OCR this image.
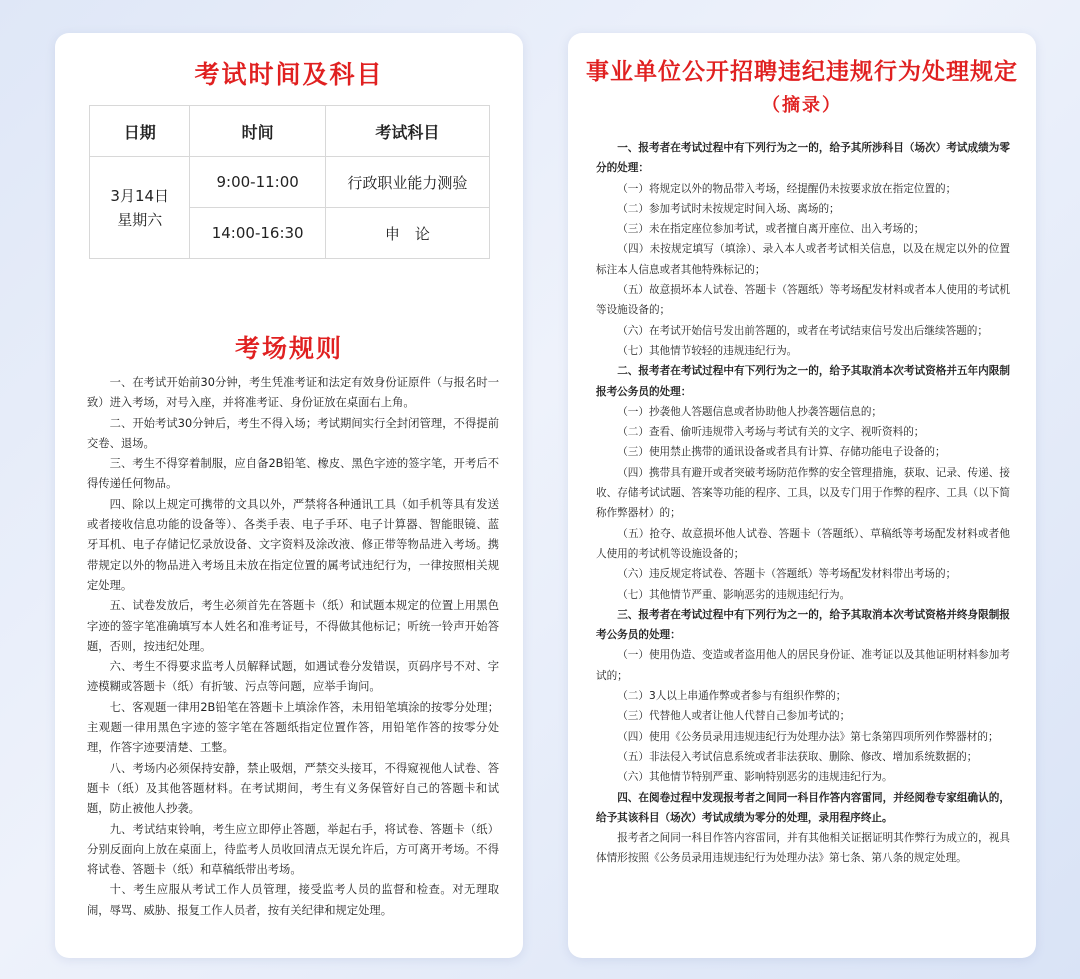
考试时间及科目
日期	时间	考试科目
3月14日
星期六	9:00-11:00	行政职业能力测验
	14:00-16:30	申　论
考场规则

一、在考试开始前30分钟，考生凭准考证和法定有效身份证原件（与报名时一致）进入考场，对号入座，并将准考证、身份证放在桌面右上角。

二、开始考试30分钟后，考生不得入场；考试期间实行全封闭管理，不得提前交卷、退场。

三、考生不得穿着制服，应自备2B铅笔、橡皮、黑色字迹的签字笔，开考后不得传递任何物品。

四、除以上规定可携带的文具以外，严禁将各种通讯工具（如手机等具有发送或者接收信息功能的设备等）、各类手表、电子手环、电子计算器、智能眼镜、蓝牙耳机、电子存储记忆录放设备、文字资料及涂改液、修正带等物品进入考场。携带规定以外的物品进入考场且未放在指定位置的属考试违纪行为，一律按照相关规定处理。

五、试卷发放后，考生必须首先在答题卡（纸）和试题本规定的位置上用黑色字迹的签字笔准确填写本人姓名和准考证号，不得做其他标记；听统一铃声开始答题，否则，按违纪处理。

六、考生不得要求监考人员解释试题，如遇试卷分发错误，页码序号不对、字迹模糊或答题卡（纸）有折皱、污点等问题，应举手询问。

七、客观题一律用2B铅笔在答题卡上填涂作答，未用铅笔填涂的按零分处理；主观题一律用黑色字迹的签字笔在答题纸指定位置作答，用铅笔作答的按零分处理，作答字迹要清楚、工整。

八、考场内必须保持安静，禁止吸烟，严禁交头接耳，不得窥视他人试卷、答题卡（纸）及其他答题材料。在考试期间，考生有义务保管好自己的答题卡和试题，防止被他人抄袭。

九、考试结束铃响，考生应立即停止答题，举起右手，将试卷、答题卡（纸）分别反面向上放在桌面上，待监考人员收回清点无误允许后，方可离开考场。不得将试卷、答题卡（纸）和草稿纸带出考场。

十、考生应服从考试工作人员管理，接受监考人员的监督和检查。对无理取闹，辱骂、威胁、报复工作人员者，按有关纪律和规定处理。

事业单位公开招聘违纪违规行为处理规定
（摘录）

一、报考者在考试过程中有下列行为之一的，给予其所涉科目（场次）考试成绩为零分的处理：

（一）将规定以外的物品带入考场，经提醒仍未按要求放在指定位置的；

（二）参加考试时未按规定时间入场、离场的；

（三）未在指定座位参加考试，或者擅自离开座位、出入考场的；

（四）未按规定填写（填涂）、录入本人或者考试相关信息，以及在规定以外的位置标注本人信息或者其他特殊标记的；

（五）故意损坏本人试卷、答题卡（答题纸）等考场配发材料或者本人使用的考试机等设施设备的；

（六）在考试开始信号发出前答题的，或者在考试结束信号发出后继续答题的；

（七）其他情节较轻的违规违纪行为。

二、报考者在考试过程中有下列行为之一的，给予其取消本次考试资格并五年内限制报考公务员的处理：

（一）抄袭他人答题信息或者协助他人抄袭答题信息的；

（二）查看、偷听违规带入考场与考试有关的文字、视听资料的；

（三）使用禁止携带的通讯设备或者具有计算、存储功能电子设备的；

（四）携带具有避开或者突破考场防范作弊的安全管理措施，获取、记录、传递、接收、存储考试试题、答案等功能的程序、工具，以及专门用于作弊的程序、工具（以下简称作弊器材）的；

（五）抢夺、故意损坏他人试卷、答题卡（答题纸）、草稿纸等考场配发材料或者他人使用的考试机等设施设备的；

（六）违反规定将试卷、答题卡（答题纸）等考场配发材料带出考场的；

（七）其他情节严重、影响恶劣的违规违纪行为。

三、报考者在考试过程中有下列行为之一的，给予其取消本次考试资格并终身限制报考公务员的处理：

（一）使用伪造、变造或者盗用他人的居民身份证、准考证以及其他证明材料参加考试的；

（二）3人以上串通作弊或者参与有组织作弊的；

（三）代替他人或者让他人代替自己参加考试的；

（四）使用《公务员录用违规违纪行为处理办法》第七条第四项所列作弊器材的；

（五）非法侵入考试信息系统或者非法获取、删除、修改、增加系统数据的；

（六）其他情节特别严重、影响特别恶劣的违规违纪行为。

四、在阅卷过程中发现报考者之间同一科目作答内容雷同，并经阅卷专家组确认的，给予其该科目（场次）考试成绩为零分的处理，录用程序终止。

报考者之间同一科目作答内容雷同，并有其他相关证据证明其作弊行为成立的，视具体情形按照《公务员录用违规违纪行为处理办法》第七条、第八条的规定处理。
